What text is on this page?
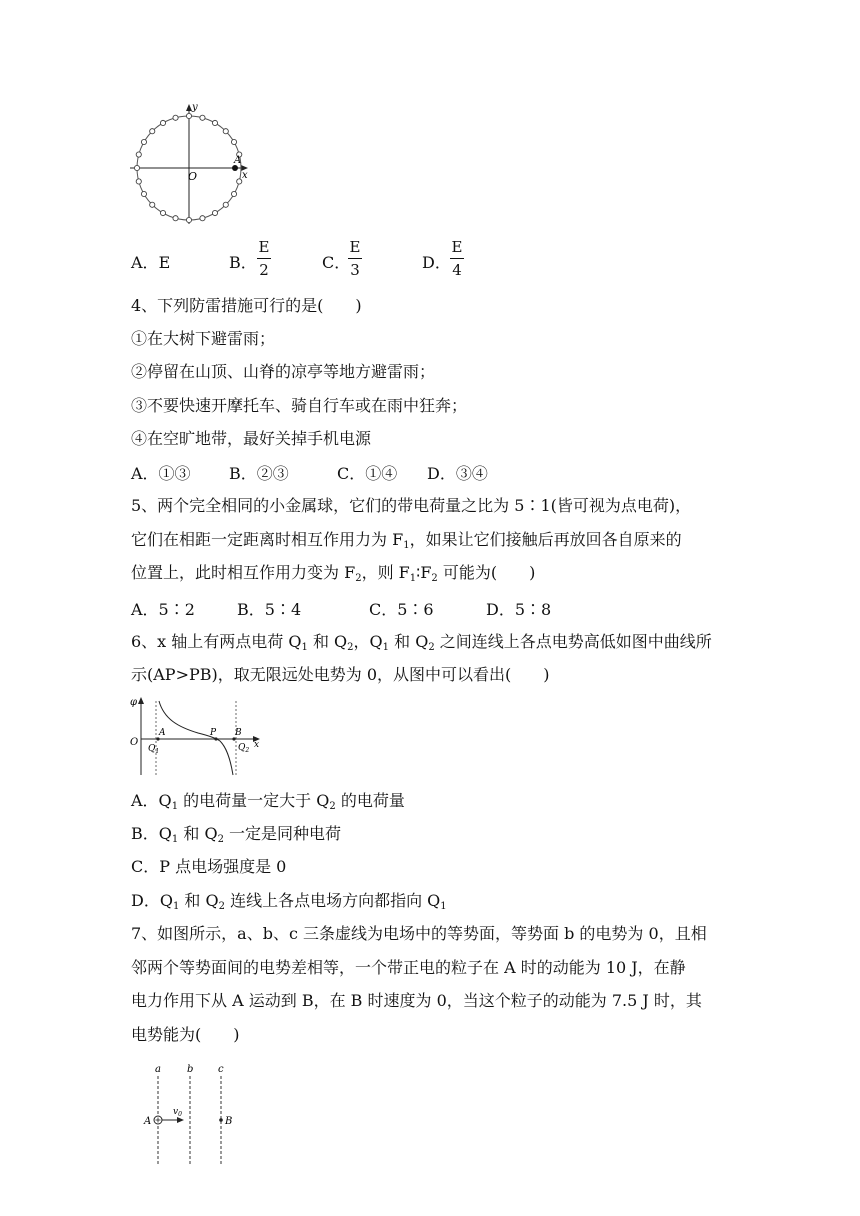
y
x
O
A
A．E	B．
E
2	C．
E
3	D．
E
4
4、下列防雷措施可行的是(　　)
①在大树下避雷雨；
②停留在山顶、山脊的凉亭等地方避雷雨；
③不要快速开摩托车、骑自行车或在雨中狂奔；
④在空旷地带，最好关掉手机电源
A．①③ B．②③	C．①④ D．③④
5、两个完全相同的小金属球，它们的带电荷量之比为 5∶1(皆可视为点电荷)，
它们在相距一定距离时相互作用力为 $F_1$，如果让它们接触后再放回各自原来的
位置上，此时相互作用力变为 $F_2$，则 $F_1∶F_2$ 可能为(　　)
A．5∶2	B．5∶4	C．5∶6	D．5∶8
6、x 轴上有两点电荷 $Q_1$ 和 $Q_2$，$Q_1$ 和 $Q_2$ 之间连线上各点电势高低如图中曲线所
示(AP>PB)，取无限远处电势为 0，从图中可以看出(　　)
φ
O
A
$Q_1$
P B
$Q_2$
x
A．$Q_1$ 的电荷量一定大于 $Q_2$ 的电荷量
B．$Q_1$ 和 $Q_2$ 一定是同种电荷
C．P 点电场强度是 0
D．$Q_1$ 和 $Q_2$ 连线上各点电场方向都指向 $Q_1$
7、如图所示，a、b、c 三条虚线为电场中的等势面，等势面 b 的电势为 0，且相
邻两个等势面间的电势差相等，一个带正电的粒子在 A 时的动能为 10 J，在静
电力作用下从 A 运动到 B，在 B 时速度为 0，当这个粒子的动能为 7.5 J 时，其
电势能为(　　)
a	b c
A
$v_0$
B
